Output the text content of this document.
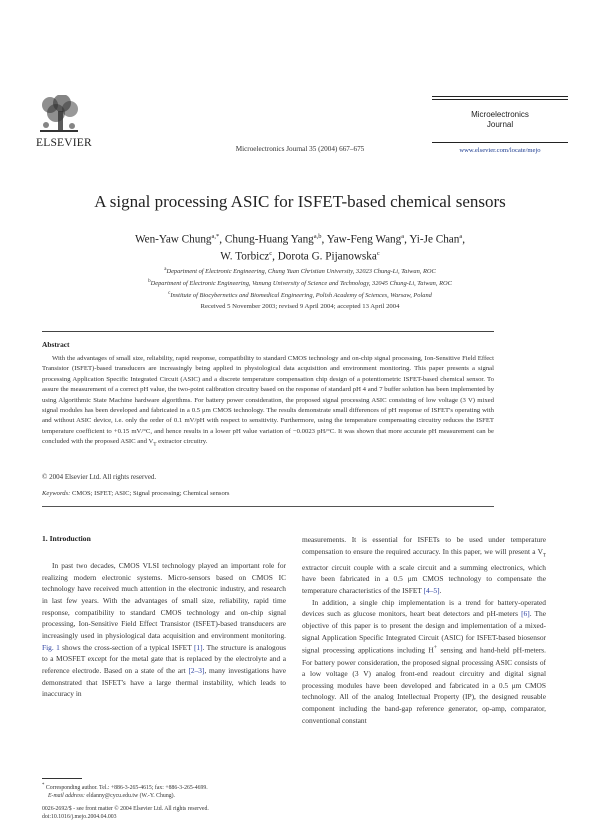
ELSEVIER	Microelectronics Journal 35 (2004) 667–675
Microelectronics
Journal
www.elsevier.com/locate/mejo
A signal processing ASIC for ISFET-based chemical sensors
Wen-Yaw Chung$^{a,*}$, Chung-Huang Yang$^{a,b}$, Yaw-Feng Wang$^a$, Yi-Je Chan$^a$,
W. Torbicz$^c$, Dorota G. Pijanowska$^c$
$^a$Department of Electronic Engineering, Chung Yuan Christian University, 32023 Chung-Li, Taiwan, ROC
$^b$Department of Electronic Engineering, Vanung University of Science and Technology, 32045 Chung-Li, Taiwan, ROC
$^c$Institute of Biocybernetics and Biomedical Engineering, Polish Academy of Sciences, Warsaw, Poland
Received 5 November 2003; revised 9 April 2004; accepted 13 April 2004
Abstract

With the advantages of small size, reliability, rapid response, compatibility to standard CMOS technology and on-chip signal processing, Ion-Sensitive Field Effect Transistor (ISFET)-based transducers are increasingly being applied in physiological data acquisition and environment monitoring. This paper presents a signal processing Application Specific Integrated Circuit (ASIC) and a discrete temperature compensation chip design of a potentiometric ISFET-based chemical sensor. To assure the measurement of a correct pH value, the two-point calibration circuitry based on the response of standard pH 4 and 7 buffer solution has been implemented by using Algorithmic State Machine hardware algorithms. For battery power consideration, the proposed signal processing ASIC consisting of low voltage (3 V) mixed signal modules has been developed and fabricated in a 0.5 μm CMOS technology. The results demonstrate small differences of pH response of ISFET's operating with and without ASIC device, i.e. only the order of 0.1 mV/pH with respect to sensitivity. Furthermore, using the temperature compensating circuitry reduces the ISFET temperature coefficient to +0.15 mV/°C, and hence results in a lower pH value variation of −0.0023 pH/°C. It was shown that more accurate pH measurement can be concluded with the proposed ASIC and $V_T$ extractor circuitry.

© 2004 Elsevier Ltd. All rights reserved.
Keywords: CMOS; ISFET; ASIC; Signal processing; Chemical sensors
1. Introduction

In past two decades, CMOS VLSI technology played an important role for realizing modern electronic systems. Micro-sensors based on CMOS IC technology have received much attention in the electronic industry, and research in last few years. With the advantages of small size, reliability, rapid time response, compatibility to standard CMOS technology and on-chip signal processing, Ion-Sensitive Field Effect Transistor (ISFET)-based transducers are increasingly used in physiological data acquisition and environment monitoring. Fig. 1 shows the cross-section of a typical ISFET [1]. The structure is analogous to a MOSFET except for the metal gate that is replaced by the electrolyte and a reference electrode. Based on a state of the art [2–3], many investigations have demonstrated that ISFET's have a large thermal instability, which leads to inaccuracy in

measurements. It is essential for ISFETs to be used under temperature compensation to ensure the required accuracy. In this paper, we will present a $V_T$ extractor circuit couple with a scale circuit and a summing electronics, which have been fabricated in a 0.5 μm CMOS technology to compensate the temperature characteristics of the ISFET [4–5].

In addition, a single chip implementation is a trend for battery-operated devices such as glucose monitors, heart beat detectors and pH-meters [6]. The objective of this paper is to present the design and implementation of a mixed-signal Application Specific Integrated Circuit (ASIC) for ISFET-based biosensor signal processing applications including H+ sensing and hand-held pH-meters. For battery power consideration, the proposed signal processing ASIC consists of a low voltage (3 V) analog front-end readout circuitry and digital signal processing modules have been developed and fabricated in a 0.5 μm CMOS technology. All of the analog Intellectual Property (IP), the designed reusable component including the band-gap reference generator, op-amp, comparator, conventional constant

* Corresponding author. Tel.: +886-3-265-4615; fax: +886-3-265-4699.
E-mail address: eldanny@cycu.edu.tw (W.-Y. Chung).
0026-2692/$ - see front matter © 2004 Elsevier Ltd. All rights reserved.
doi:10.1016/j.mejo.2004.04.003
